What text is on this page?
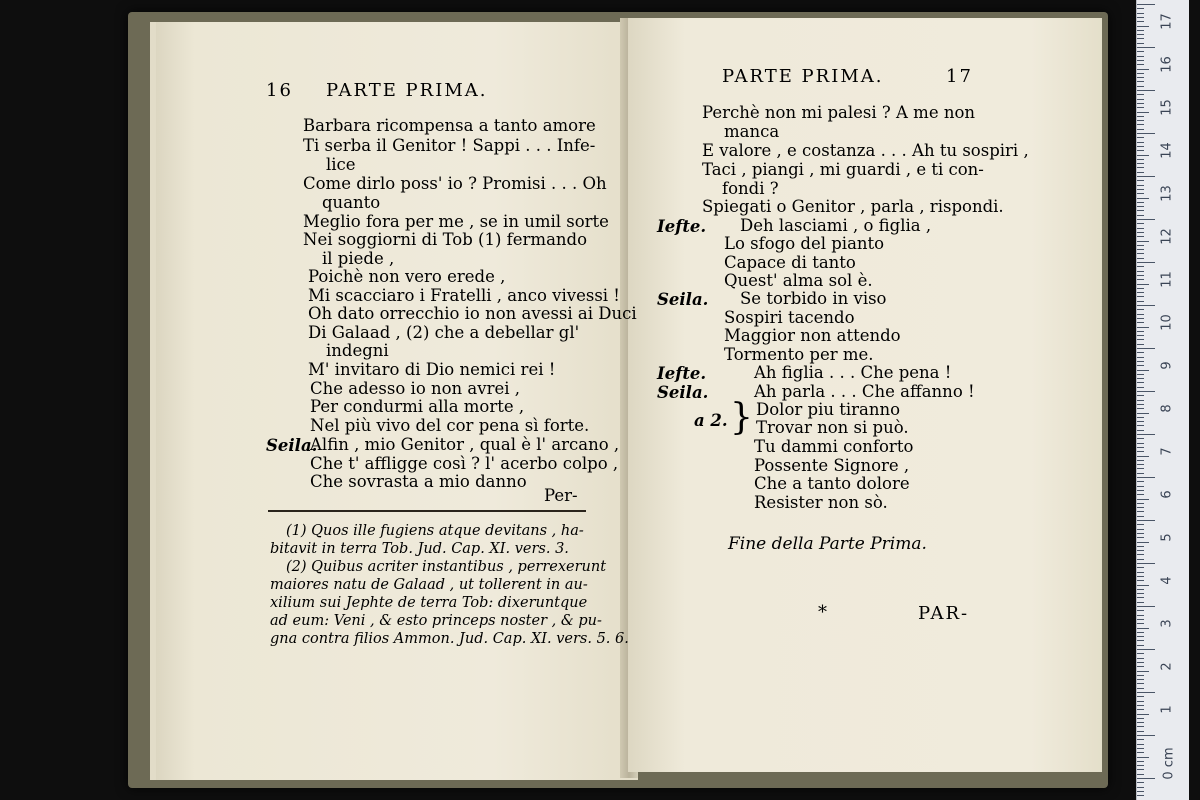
16 PARTE PRIMA.
Barbara ricompensa a tanto amore
Ti serba il Genitor ! Sappi . . . Infe-
lice
Come dirlo poss' io ? Promisi . . . Oh
quanto
Meglio fora per me , se in umil sorte
Nei soggiorni di Tob (1) fermando
il piede ,
Poichè non vero erede ,
Mi scacciaro i Fratelli , anco vivessi !
Oh dato orrecchio io non avessi ai Duci
Di Galaad , (2) che a debellar gl'
indegni
M' invitaro di Dio nemici rei !
Che adesso io non avrei ,
Per condurmi alla morte ,
Nel più vivo del cor pena sì forte.
Seila.
Alfin , mio Genitor , qual è l' arcano ,
Che t' affligge così ? l' acerbo colpo ,
Che sovrasta a mio danno
Per-
(1) Quos ille fugiens atque devitans , ha-
bitavit in terra Tob. Jud. Cap. XI. vers. 3.
(2) Quibus acriter instantibus , perrexerunt
maiores natu de Galaad , ut tollerent in au-
xilium sui Jephte de terra Tob: dixeruntque
ad eum: Veni , & esto princeps noster , & pu-
gna contra filios Ammon. Jud. Cap. XI. vers. 5. 6.
PARTE PRIMA.	17
Perchè non mi palesi ? A me non
manca
E valore , e costanza . . . Ah tu sospiri ,
Taci , piangi , mi guardi , e ti con-
fondi ?
Spiegati o Genitor , parla , rispondi.
Iefte. Deh lasciami , o figlia ,
Lo sfogo del pianto
Capace di tanto
Quest' alma sol è.
Seila. Se torbido in viso
Sospiri tacendo
Maggior non attendo
Tormento per me.
Iefte.	Ah figlia . . . Che pena !
Seila.	Ah parla . . . Che affanno !
a 2. } Dolor piu tiranno
Trovar non si può.
Tu dammi conforto
Possente Signore ,
Che a tanto dolore
Resister non sò.
Fine della Parte Prima.
*	PAR-
17
16
15
14
13
12
11
10
9
8
7
6
5
4
3
2
1
0 cm
